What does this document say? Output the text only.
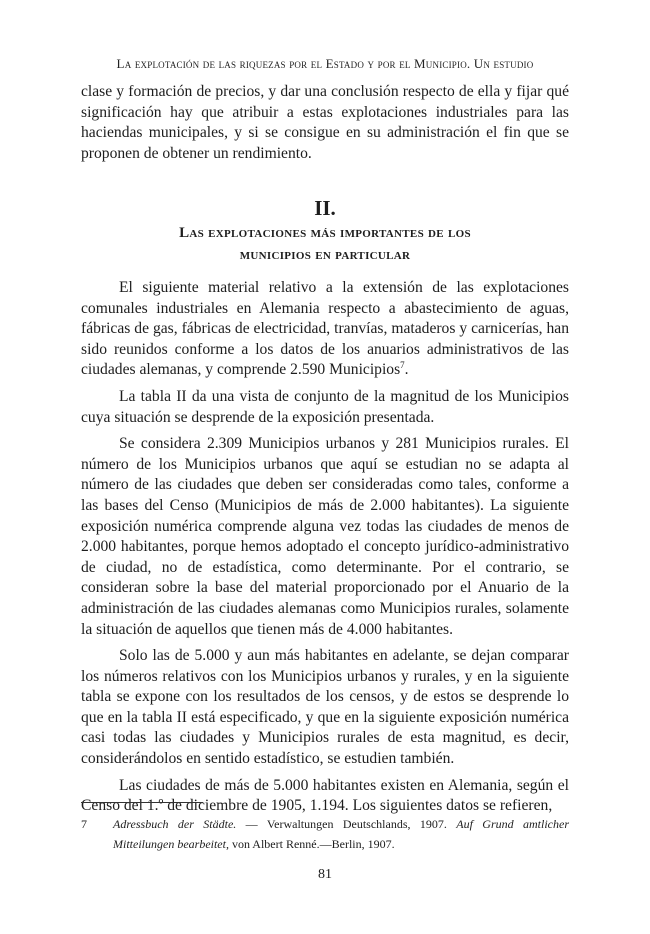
La explotación de las riquezas por el Estado y por el Municipio. Un estudio

clase y formación de precios, y dar una conclusión respecto de ella y fijar qué significación hay que atribuir a estas explotaciones industriales para las haciendas municipales, y si se consigue en su administración el fin que se proponen de obtener un rendimiento.

II.
Las explotaciones más importantes de los
municipios en particular

El siguiente material relativo a la extensión de las explotaciones comunales industriales en Alemania respecto a abastecimiento de aguas, fábricas de gas, fábricas de electricidad, tranvías, mataderos y carnicerías, han sido reunidos conforme a los datos de los anuarios administrativos de las ciudades alemanas, y comprende 2.590 Municipios$^7$.

La tabla II da una vista de conjunto de la magnitud de los Municipios cuya situación se desprende de la exposición presentada.

Se considera 2.309 Municipios urbanos y 281 Municipios rurales. El número de los Municipios urbanos que aquí se estudian no se adapta al número de las ciudades que deben ser consideradas como tales, conforme a las bases del Censo (Municipios de más de 2.000 habitantes). La siguiente exposición numérica comprende alguna vez todas las ciudades de menos de 2.000 habitantes, porque hemos adoptado el concepto jurídico-administrativo de ciudad, no de estadística, como determinante. Por el contrario, se consideran sobre la base del material proporcionado por el Anuario de la administración de las ciudades alemanas como Municipios rurales, solamente la situación de aquellos que tienen más de 4.000 habitantes.

Solo las de 5.000 y aun más habitantes en adelante, se dejan comparar los números relativos con los Municipios urbanos y rurales, y en la siguiente tabla se expone con los resultados de los censos, y de estos se desprende lo que en la tabla II está especificado, y que en la siguiente exposición numérica casi todas las ciudades y Municipios rurales de esta magnitud, es decir, considerándolos en sentido estadístico, se estudien también.

Las ciudades de más de 5.000 habitantes existen en Alemania, según el Censo del 1.º de diciembre de 1905, 1.194. Los siguientes datos se refieren,

7 Adressbuch der Städte. — Verwaltungen Deutschlands, 1907. Auf Grund amtlicher Mitteilungen bearbeitet, von Albert Renné.—Berlin, 1907.
81
